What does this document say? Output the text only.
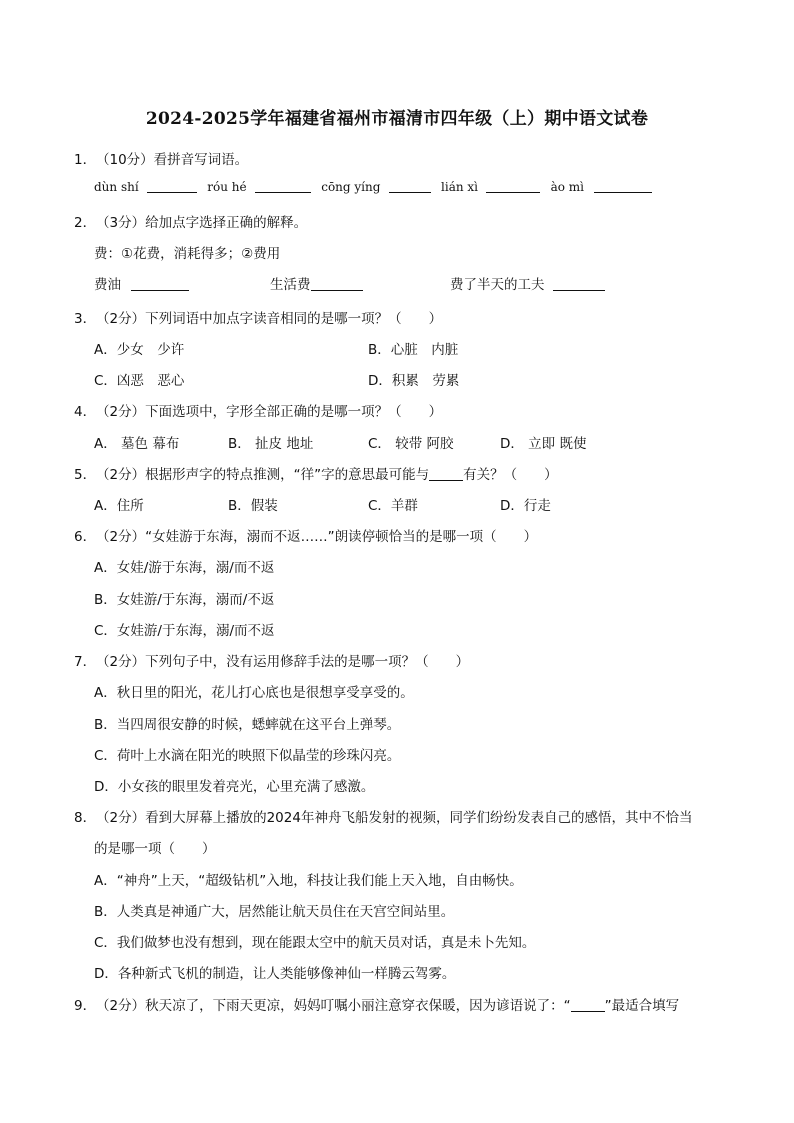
2024-2025学年福建省福州市福清市四年级（上）期中语文试卷
1．（10分）看拼音写词语。
dùn shí	róu hé	cōng yíng	lián xì	ào mì
2．（3分）给加点字选择正确的解释。
费：①花费，消耗得多；②费用
费油	生活费	费了半天的工夫
3．（2分）下列词语中加点字读音相同的是哪一项？（　　）
A．少女　少许	B．心脏　内脏
C．凶恶　恶心	D．积累　劳累
4．（2分）下面选项中，字形全部正确的是哪一项？（　　）
A． 墓色 幕布	B． 扯皮 地址	C． 较带 阿胶	D． 立即 既使
5．（2分）根据形声字的特点推测，“徉”字的意思最可能与	有关？（　　）
A．住所	B．假装	C．羊群	D．行走
6．（2分）“女娃游于东海，溺而不返……”朗读停顿恰当的是哪一项（　　）
A．女娃/游于东海，溺/而不返
B．女娃游/于东海，溺而/不返
C．女娃游/于东海，溺/而不返
7．（2分）下列句子中，没有运用修辞手法的是哪一项？（　　）
A．秋日里的阳光，花儿打心底也是很想享受享受的。
B．当四周很安静的时候，蟋蟀就在这平台上弹琴。
C．荷叶上水滴在阳光的映照下似晶莹的珍珠闪亮。
D．小女孩的眼里发着亮光，心里充满了感激。
8．（2分）看到大屏幕上播放的2024年神舟飞船发射的视频，同学们纷纷发表自己的感悟，其中不恰当
的是哪一项（　　）
A．“神舟”上天，“超级钻机”入地，科技让我们能上天入地，自由畅快。
B．人类真是神通广大，居然能让航天员住在天宫空间站里。
C．我们做梦也没有想到，现在能跟太空中的航天员对话，真是未卜先知。
D．各种新式飞机的制造，让人类能够像神仙一样腾云驾雾。
9．（2分）秋天凉了，下雨天更凉，妈妈叮嘱小丽注意穿衣保暖，因为谚语说了：“	”最适合填写
